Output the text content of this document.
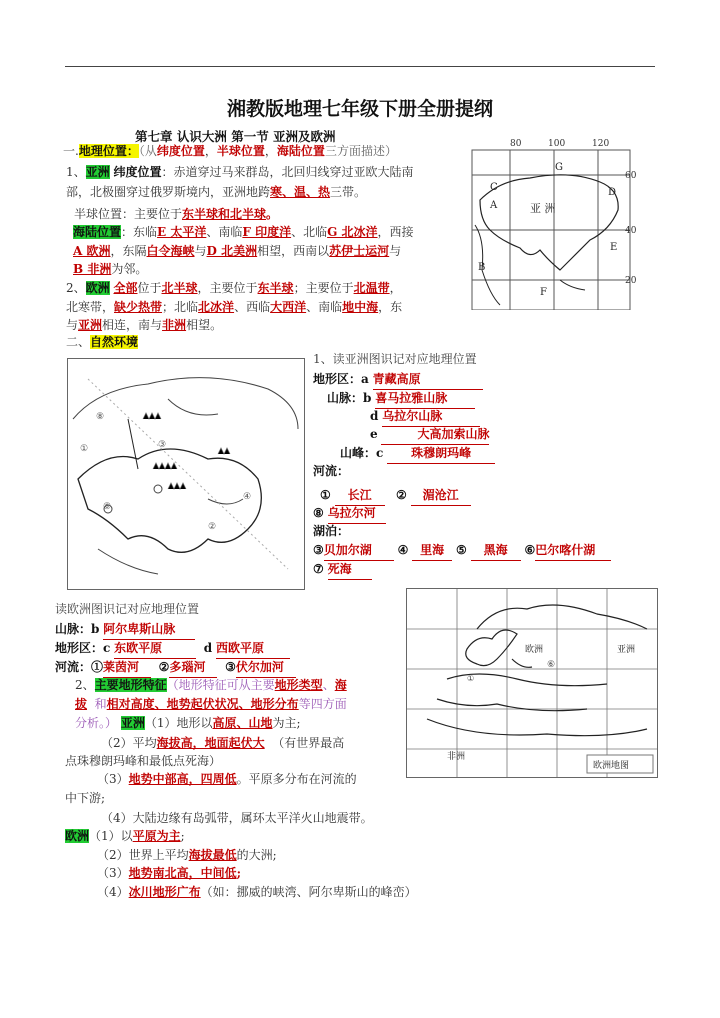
湘教版地理七年级下册全册提纲
第七章 认识大洲 第一节 亚洲及欧洲
一.地理位置：（从纬度位置，半球位置，海陆位置三方面描述）
1、亚洲 纬度位置：赤道穿过马来群岛，北回归线穿过亚欧大陆南
部，北极圈穿过俄罗斯境内，亚洲地跨寒、温、热三带。
半球位置：主要位于东半球和北半球。
海陆位置：东临E 太平洋、南临F 印度洋、北临G 北冰洋，西接
A 欧洲，东隔白令海峡与D 北美洲相望，西南以苏伊士运河与
B 非洲为邻。
2、欧洲 全部位于北半球，主要位于东半球；主要位于北温带，
北寒带，缺少热带；北临北冰洋、西临大西洋、南临地中海，东
与亚洲相连，南与非洲相望。
80	100	120
60
40
20
亚 洲
A
B
C	D
E
F
G
二、自然环境
⑧
③
①
⑥
②
④
1、读亚洲图识记对应地理位置
地形区：a 青藏高原
山脉：b 喜马拉雅山脉
d 乌拉尔山脉
e	大高加索山脉
山峰：c 珠穆朗玛峰
河流：
① 长江 ② 湄沧江
⑧ 乌拉尔河
湖泊：
③贝加尔湖 ④ 里海 ⑤ 黑海 ⑥巴尔喀什湖
⑦ 死海
欧洲	亚洲
非洲
⑥
①
欧洲地图
读欧洲图识记对应地理位置
山脉：b 阿尔卑斯山脉
地形区：c 东欧平原	d 西欧平原
河流：①莱茵河 ②多瑙河 ③伏尔加河
2、主要地形特征（地形特征可从主要地形类型、海
拔 和相对高度、地势起伏状况、地形分布等四方面
分析。） 亚洲（1）地形以高原、山地为主;
（2）平均海拔高，地面起伏大 （有世界最高
点珠穆朗玛峰和最低点死海）
（3）地势中部高，四周低。平原多分布在河流的
中下游;
（4）大陆边缘有岛弧带，属环太平洋火山地震带。
欧洲（1）以平原为主;
（2）世界上平均海拔最低的大洲;
（3）地势南北高，中间低;
（4）冰川地形广布（如：挪威的峡湾、阿尔卑斯山的峰峦）
